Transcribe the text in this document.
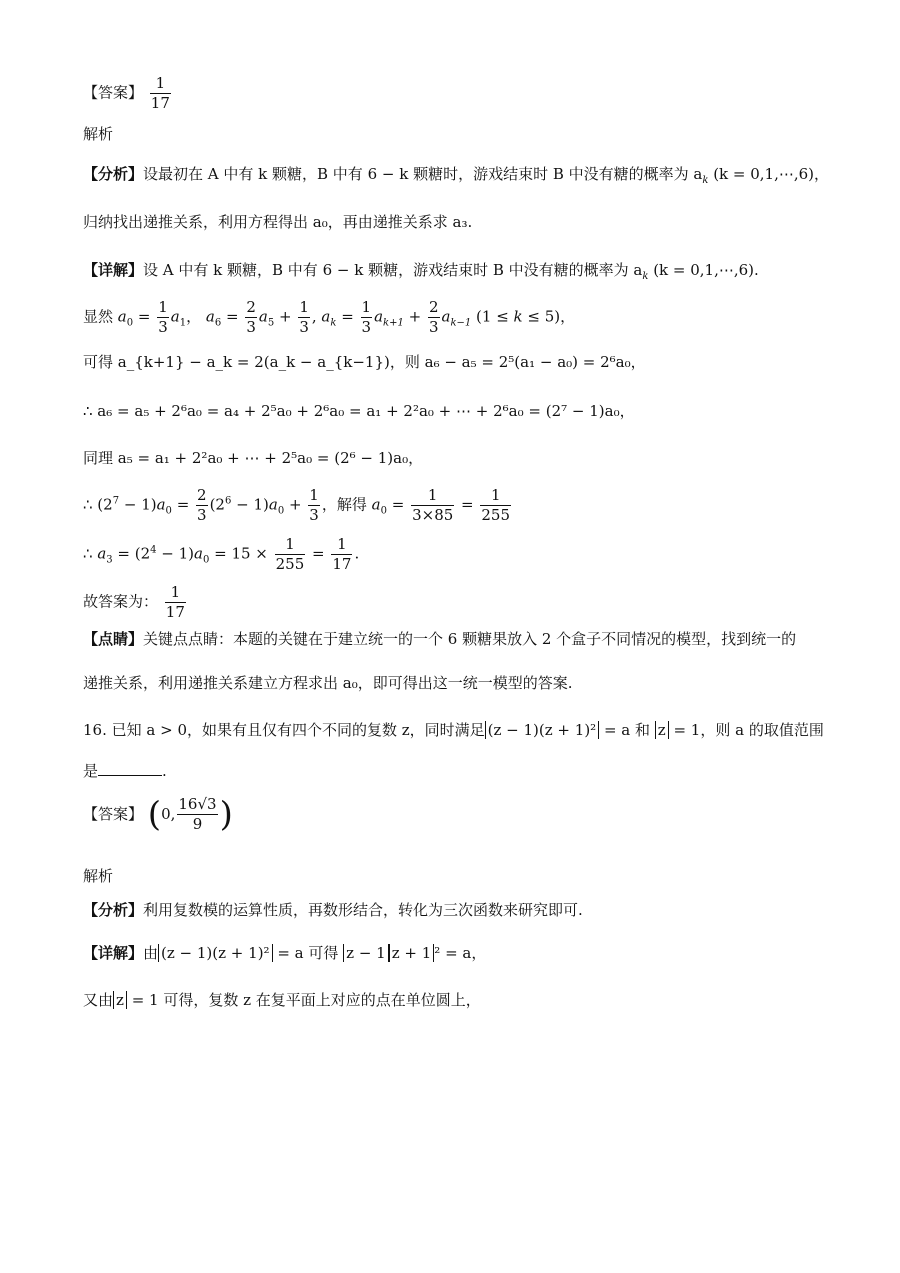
【答案】 $\frac{1}{17}$
解析
【分析】设最初在 A 中有 k 颗糖，B 中有 6 − k 颗糖时，游戏结束时 B 中没有糖的概率为 $a_k$ (k = 0,1,⋯,6)，
归纳找出递推关系，利用方程得出 a₀，再由递推关系求 a₃.
【详解】设 A 中有 k 颗糖，B 中有 6 − k 颗糖，游戏结束时 B 中没有糖的概率为 $a_k$ (k = 0,1,⋯,6).
显然 $a_0 = \frac{1}{3} a_1$， $a_6 = \frac{2}{3} a_5 + \frac{1}{3}$ , $a_k = \frac{1}{3} a_{k+1} + \frac{2}{3} a_{k-1}$ (1 ≤ k ≤ 5)，
可得 a_{k+1} − a_k = 2(a_k − a_{k−1})，则 a₆ − a₅ = 2⁵(a₁ − a₀) = 2⁶a₀，
∴ a₆ = a₅ + 2⁶a₀ = a₄ + 2⁵a₀ + 2⁶a₀ = a₁ + 2²a₀ + ⋯ + 2⁶a₀ = (2⁷ − 1)a₀，
同理 a₅ = a₁ + 2²a₀ + ⋯ + 2⁵a₀ = (2⁶ − 1)a₀，
∴ $(2^7 - 1)a_0 = \frac{2}{3} (2^6 - 1)a_0 + \frac{1}{3}$ ，解得 $a_0 = \frac{1}{3\times 85} = \frac{1}{255}$
∴ $a_3 = (2^4 - 1)a_0 = 15 \times \frac{1}{255} = \frac{1}{17}$ .
故答案为： $\frac{1}{17}$
【点睛】关键点点睛：本题的关键在于建立统一的一个 6 颗糖果放入 2 个盒子不同情况的模型，找到统一的
递推关系，利用递推关系建立方程求出 a₀，即可得出这一统一模型的答案.
16. 已知 a > 0，如果有且仅有四个不同的复数 z，同时满足 (z − 1)(z + 1)² = a 和 z = 1，则 a 的取值范围
是	.
【答案】 (0, $\frac{16√3}{9}$ )
解析
【分析】利用复数模的运算性质，再数形结合，转化为三次函数来研究即可.
【详解】由 (z − 1)(z + 1)² = a 可得 z − 1 z + 1 ² = a，
又由 z = 1 可得，复数 z 在复平面上对应的点在单位圆上，
